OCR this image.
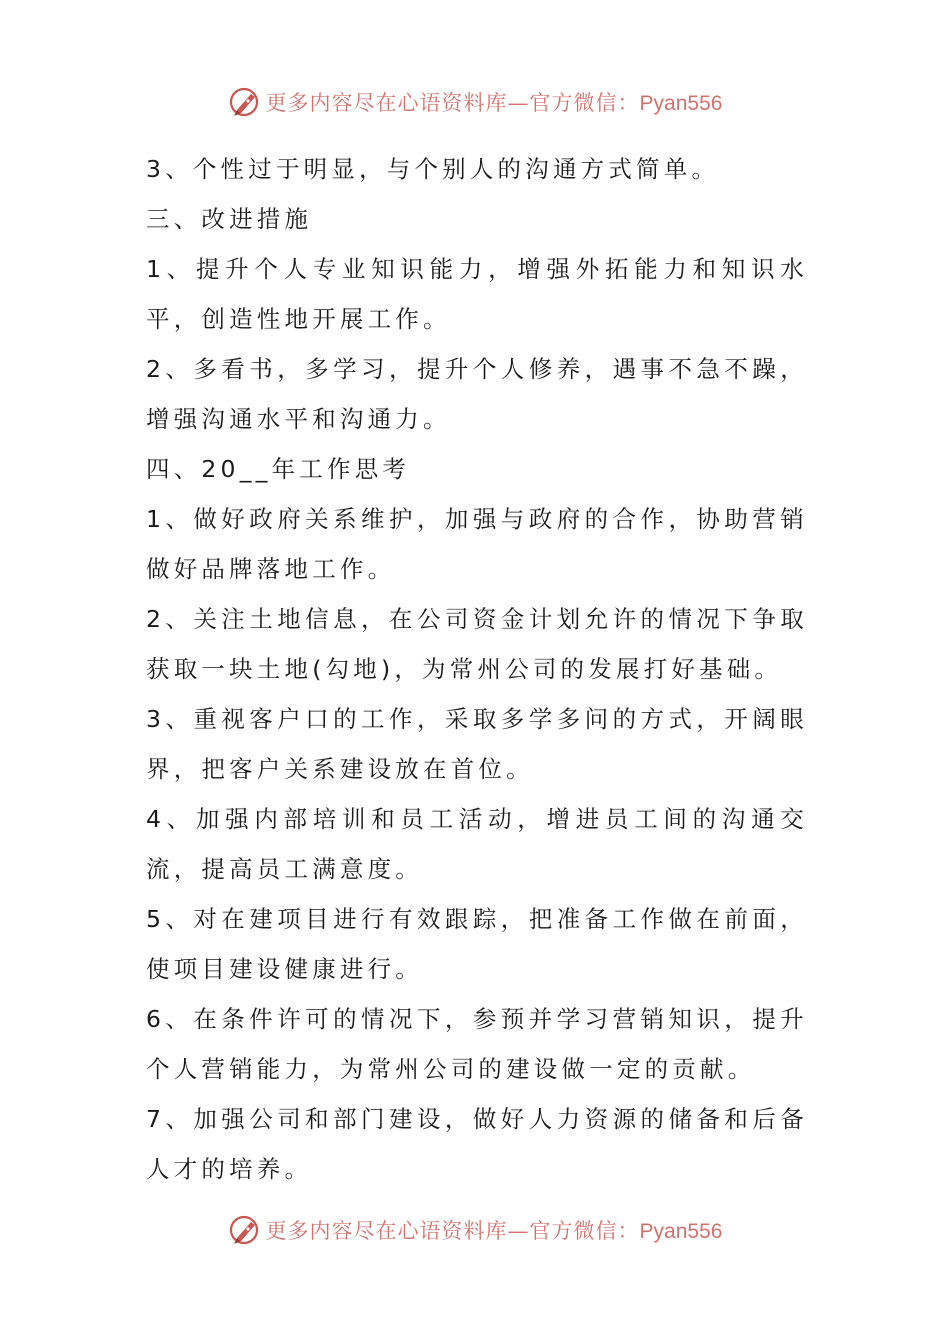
更多内容尽在心语资料库—官方微信：Pyan556

3、个性过于明显，与个别人的沟通方式简单。

三、改进措施

1、提升个人专业知识能力，增强外拓能力和知识水平，创造性地开展工作。

2、多看书，多学习，提升个人修养，遇事不急不躁，增强沟通水平和沟通力。

四、20__年工作思考

1、做好政府关系维护，加强与政府的合作，协助营销做好品牌落地工作。

2、关注土地信息，在公司资金计划允许的情况下争取获取一块土地(勾地)，为常州公司的发展打好基础。

3、重视客户口的工作，采取多学多问的方式，开阔眼界，把客户关系建设放在首位。

4、加强内部培训和员工活动，增进员工间的沟通交流，提高员工满意度。

5、对在建项目进行有效跟踪，把准备工作做在前面，使项目建设健康进行。

6、在条件许可的情况下，参预并学习营销知识，提升个人营销能力，为常州公司的建设做一定的贡献。

7、加强公司和部门建设，做好人力资源的储备和后备人才的培养。

更多内容尽在心语资料库—官方微信：Pyan556
